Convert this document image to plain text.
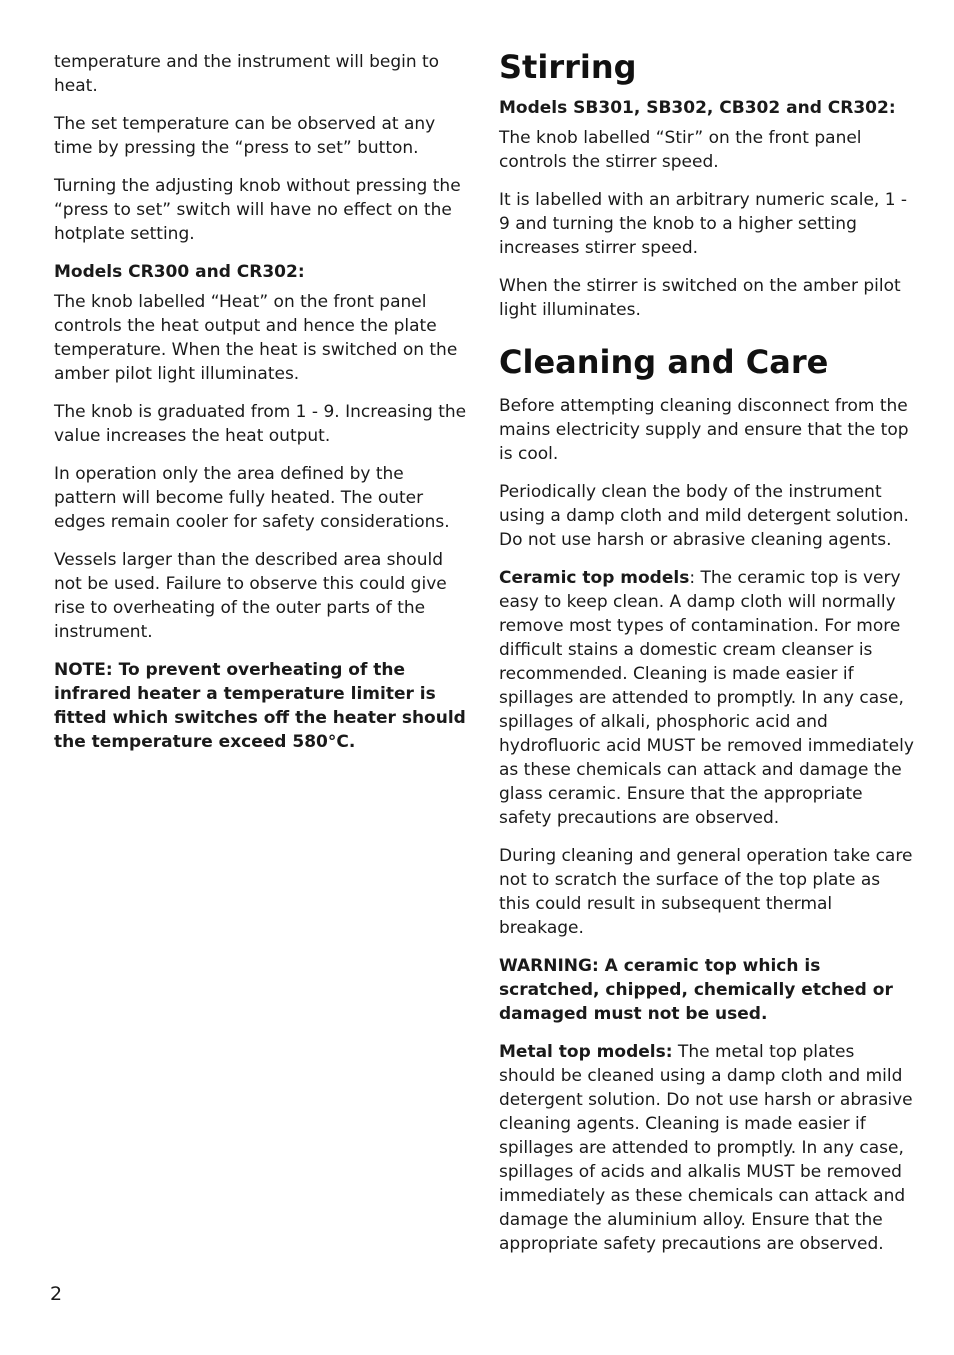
temperature and the instrument will begin to heat.

The set temperature can be observed at any time by pressing the “press to set” button.

Turning the adjusting knob without pressing the “press to set” switch will have no effect on the hotplate setting.

Models CR300 and CR302:

The knob labelled “Heat” on the front panel controls the heat output and hence the plate temperature. When the heat is switched on the amber pilot light illuminates.

The knob is graduated from 1 - 9. Increasing the value increases the heat output.

In operation only the area defined by the pattern will become fully heated. The outer edges remain cooler for safety considerations.

Vessels larger than the described area should not be used. Failure to observe this could give rise to overheating of the outer parts of the instrument.

NOTE: To prevent overheating of the infrared heater a temperature limiter is fitted which switches off the heater should the temperature exceed 580°C.

Stirring

Models SB301, SB302, CB302 and CR302:

The knob labelled “Stir” on the front panel controls the stirrer speed.

It is labelled with an arbitrary numeric scale, 1 - 9 and turning the knob to a higher setting increases stirrer speed.

When the stirrer is switched on the amber pilot light illuminates.

Cleaning and Care

Before attempting cleaning disconnect from the mains electricity supply and ensure that the top is cool.

Periodically clean the body of the instrument using a damp cloth and mild detergent solution. Do not use harsh or abrasive cleaning agents.

Ceramic top models: The ceramic top is very easy to keep clean. A damp cloth will normally remove most types of contamination. For more difficult stains a domestic cream cleanser is recommended. Cleaning is made easier if spillages are attended to promptly. In any case, spillages of alkali, phosphoric acid and hydrofluoric acid MUST be removed immediately as these chemicals can attack and damage the glass ceramic. Ensure that the appropriate safety precautions are observed.

During cleaning and general operation take care not to scratch the surface of the top plate as this could result in subsequent thermal breakage.

WARNING: A ceramic top which is scratched, chipped, chemically etched or damaged must not be used.

Metal top models: The metal top plates should be cleaned using a damp cloth and mild detergent solution. Do not use harsh or abrasive cleaning agents. Cleaning is made easier if spillages are attended to promptly. In any case, spillages of acids and alkalis MUST be removed immediately as these chemicals can attack and damage the aluminium alloy. Ensure that the appropriate safety precautions are observed.

2
